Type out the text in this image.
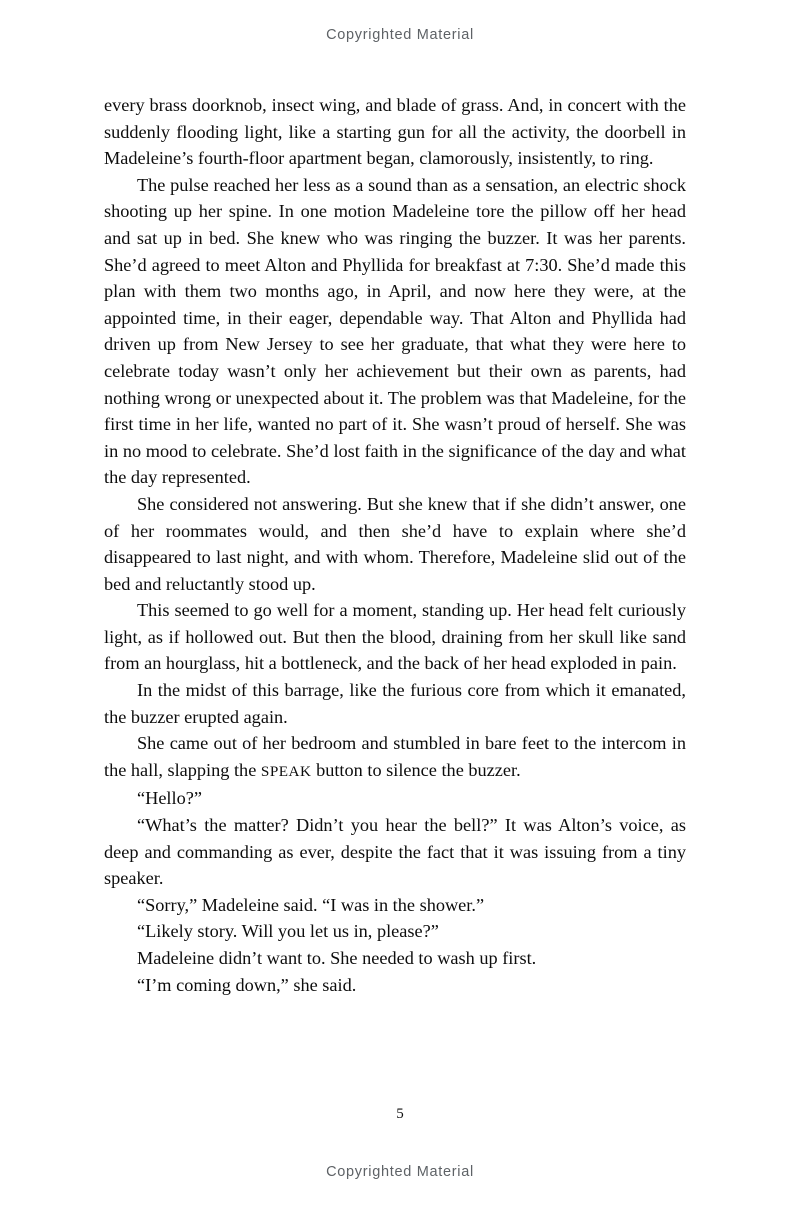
Copyrighted Material

every brass doorknob, insect wing, and blade of grass. And, in concert with the suddenly flooding light, like a starting gun for all the activity, the doorbell in Madeleine’s fourth-floor apartment began, clamorously, insistently, to ring.

The pulse reached her less as a sound than as a sensation, an electric shock shooting up her spine. In one motion Madeleine tore the pillow off her head and sat up in bed. She knew who was ringing the buzzer. It was her parents. She’d agreed to meet Alton and Phyllida for breakfast at 7:30. She’d made this plan with them two months ago, in April, and now here they were, at the appointed time, in their eager, dependable way. That Alton and Phyllida had driven up from New Jersey to see her graduate, that what they were here to celebrate today wasn’t only her achievement but their own as parents, had nothing wrong or unexpected about it. The problem was that Madeleine, for the first time in her life, wanted no part of it. She wasn’t proud of herself. She was in no mood to celebrate. She’d lost faith in the significance of the day and what the day represented.

She considered not answering. But she knew that if she didn’t answer, one of her roommates would, and then she’d have to explain where she’d disappeared to last night, and with whom. Therefore, Madeleine slid out of the bed and reluctantly stood up.

This seemed to go well for a moment, standing up. Her head felt curiously light, as if hollowed out. But then the blood, draining from her skull like sand from an hourglass, hit a bottleneck, and the back of her head exploded in pain.

In the midst of this barrage, like the furious core from which it emanated, the buzzer erupted again.

She came out of her bedroom and stumbled in bare feet to the intercom in the hall, slapping the SPEAK button to silence the buzzer.

“Hello?”

“What’s the matter? Didn’t you hear the bell?” It was Alton’s voice, as deep and commanding as ever, despite the fact that it was issuing from a tiny speaker.

“Sorry,” Madeleine said. “I was in the shower.”

“Likely story. Will you let us in, please?”

Madeleine didn’t want to. She needed to wash up first.

“I’m coming down,” she said.

5
Copyrighted Material
